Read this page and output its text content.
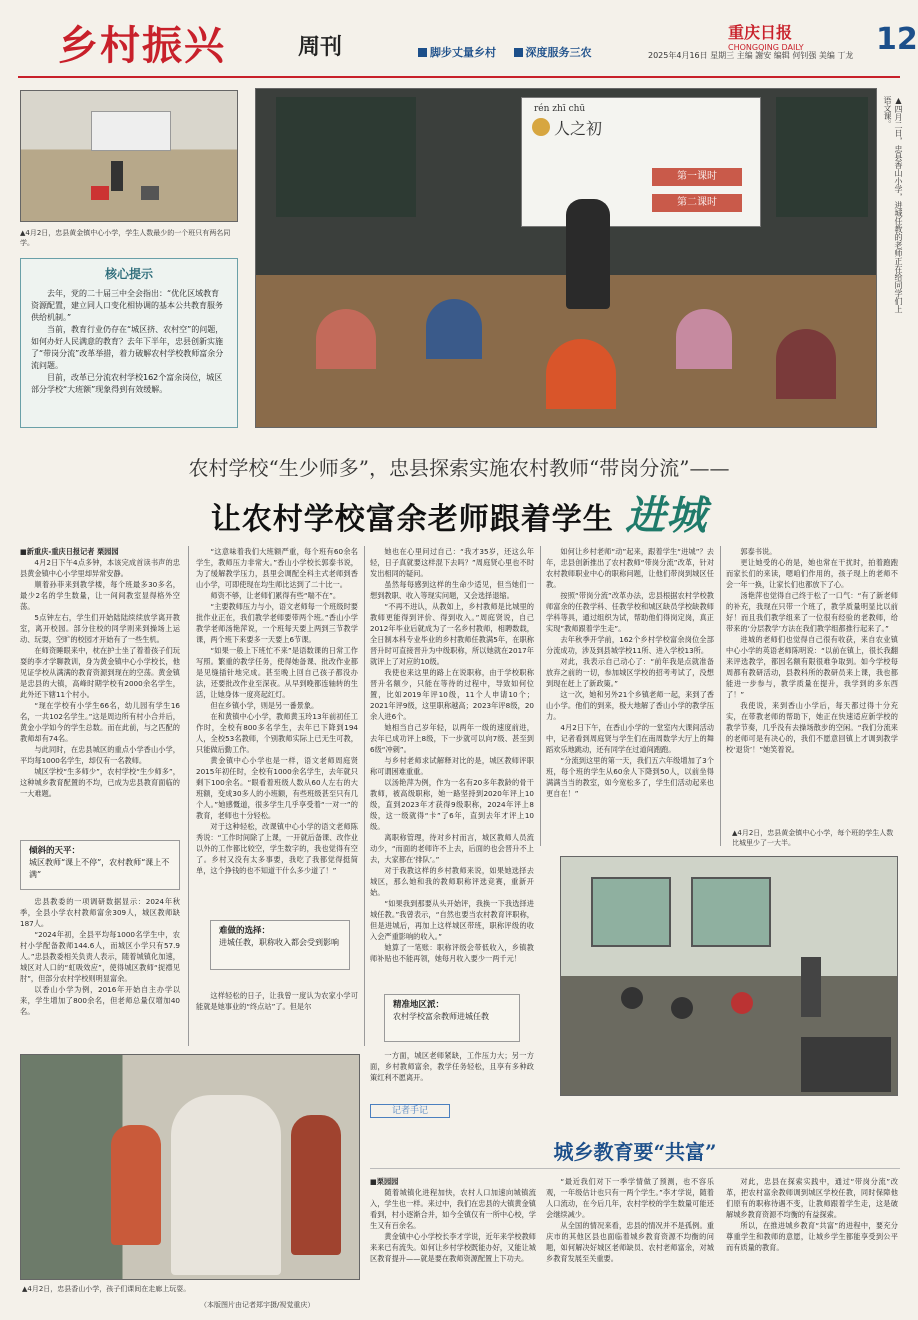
乡村振兴	周刊	脚步丈量乡村	深度服务三农
重庆日报
CHONGQING DAILY
2025年4月16日 星期三 主编 謝安 编辑 何钊强 美编 丁龙 12
▲4月2日，忠县黄金镇中心小学，学生人数最少的一个班只有两名同学。
核心提示

去年，党的二十届三中全会指出：“优化区域教育资源配置，建立同人口变化相协调的基本公共教育服务供给机制。”

当前，教育行业仍存在“城区挤、农村空”的问题，如何办好人民满意的教育？去年下半年，忠县创新实施了“带岗分流”改革举措，着力破解农村学校教师富余分流问题。

目前，改革已分流农村学校162个富余岗位，城区部分学校“大班额”现象得到有效缓解。

rén zhī chū
人之初
第一课时
第二课时	▲四月二日，忠县香山小学，进城任教的老师正在给同学们上语文课。
农村学校“生少师多”，忠县探索实施农村教师“带岗分流”——
让农村学校富余老师跟着学生 进城

■新重庆-重庆日报记者 栗园园

4月2日下午4点多钟，本该完成首读书声的忠县黄金镇中心小学里却异常安静。

顺着孙菲来到教学楼，每个班最多30多名，最少2名的学生数量，让一间间教室显得格外空荡。

5点钟左右，学生们开始陆陆续续放学离开教室，离开校园。部分住校的同学则来到操场上运动、玩耍，空旷的校园才开始有了一些生机。

在师资睡眼来中，枕在护士坐了着着孩子们玩耍的李才学聊教训，身为黄金镇中心小学校长，他见证学校从满满的教育资源到现在的空荡。黄金镇是忠县的大镇，高峰时期学校有2000余名学生，此外还下辖11个村小。

“现在学校有小学生66名，幼儿园有学生16名，一共102名学生。”这是周边所有村小合并后，黄金小学如今的学生总数。而在此前，与之匹配的教师却有74名。

与此同时，在忠县城区的重点小学香山小学，平均每1000名学生，却仅有一名教师。

城区学校“生多师少”，农村学校“生少师多”，这种城乡教育配置的不均，已成为忠县教育面临的一大难题。

倾斜的天平：
城区教师“课上不停”，农村教师“课上不满”

忠县教委的一项调研数据显示：2024年秋季，全县小学农村教师富余309人，城区教师缺187人。

“2024年初，全县平均每1000名学生中，农村小学配备教师144.6人，而城区小学只有57.9人。”忠县教委相关负责人表示，随着城镇化加速，城区对人口的“虹吸效应”，使得城区教师“捉襟见肘”，但部分农村学校则明显富余。

以香山小学为例，2016年开始自主办学以来，学生增加了800余名，但老师总量仅增加40名。

“这意味着我们大班额严重，每个班有60余名学生，教师压力非常大。”香山小学校长郭泰书说，为了缓解教学压力，县里会调配全科主式老师到香山小学，可即使现在均生师比达到了二十比一。

师资不够，让老师们累得有些“喘不在”。

“主要教师压力与小，语文老师每一个班级时要批作业正在，我们教学老师要带两个班。”香山小学教学老师汤艳萍说，一个班每天要上两到三节教学课，两个班下来要多一天要上6节课。

“如果一般上下班忙不来”是语数课的日常工作写照。繁重的教学任务，使得她备课、批改作业都是见缝插针地完成。甚至晚上回自己孩子都没办法，还要批改作业至深夜。从早到晚都连轴转的生活，让她身体一度亮起红灯。

但在乡镇小学，则是另一番景象。

在和黄镇中心小学，教师黄玉玲13年前初任工作时，全校有800多名学生，去年已下降到194人，全校53名教师，个别教师实际上已无生可教，只能做后勤工作。

黄金镇中心小学也是一样，语文老师周庭贤2015年初任时，全校有1000余名学生，去年就只剩下100余名。“眼看着班级人数从60人左右的大班额，变成30多人的小班额，有些班级甚至只有几个人。”她感慨道，很多学生几乎享受着“一对一”的教育，老师也十分轻松。

对于这种轻松，改课镇中心小学的语文老师陈秀说：“工作时间除了上课，一开就后备课、改作业以外的工作都比较空，学生数字的，我也觉得有空了。乡村又没有太多事要，我吃了我都觉得挺简单，这个挣钱的也不知道干什么多少道了！”

难做的选择：
进城任教，职称收入都会受到影响

这样轻松的日子，让我曾一度认为农家小学可能就是她事业的“终点站”了。但是尔

她也在心里问过自己：“我才35岁，还这么年轻，日子真就要这样混下去吗？”周庭贤心里也不时发出相同的疑问。

虽然每每感到这样的生命少适见，但当她们一想到教职、收入等现实问题，又会选择退缩。

“不再不进认，从教如上，乡村教师是比城里的教师更能得到评价、得到收入。”周庭贤说，自己2012年毕业后就成为了一名乡村教师，相聘数载，全日制本科专业毕业的乡村教师任教满5年，在职称晋升时可直接晋升为中级职称，所以她就在2017年就评上了对应的10级。

我使也来这里的路上在说职称，由于学校职称晋升名额少，只能在等待的过程中，导致如何位置，比如2019年评10级，11个人申请10个；2021年评9级，这里职称越高；2023年评8级，20余人进6个。

她相当自己岁年轻，以两年一级的速度前进，去年已成功评上8级，下一步就可以向7级、甚至到6级“冲刺”。

与乡村老师求试解释对比的是，城区教师评职称可谓困难重重。

以汤艳萍为例，作为一名有20多年教龄的骨干教师，被高级职称，她一路坚持到2020年评上10级，直到2023年才获得9级职称，2024年评上8级，这一级就得“卡”了6年，直到去年才评上10级。

离职称管理，待对乡村而言，城区教师人员流动少，“而面的老师许不上去，后面的也会晋升不上去，大家都在‘排队’。”

对于我教这样的乡村教师来说，如果她选择去城区，那么她和我的教师职称评选竞赛，重新开始。

“如果我到那要从头开始评，我换一下我选择进城任教。”我曾表示，“自然也要当农村教育评职称，但是进城后，再加上这样城区带班，职称评级的收入会严重影响的收入。”

她算了一笔账：职称评级会带低收入，乡镇教师补贴也不能再领，她每月收入要少一两千元！

精准地区派：
农村学校富余教师进城任教

一方面，城区老师紧缺，工作压力大；另一方面，乡村教师富余，教学任务轻松，且享有多种政策红利不愿离开。

如何让乡村老师“动”起来，跟着学生“进城”？去年，忠县创新推出了农村教师“带岗分流”改革，针对农村教师职业中心的职称问题，让他们带岗到城区任教。

按照“带岗分流”改革办法，忠县根据农村学校教师富余的任教学科、任教学校和城区缺员学校缺教师学科等具，通过组织为试，帮助他们得岗定岗，真正实现”教师跟着学生走”。

去年秋季开学前，162个乡村学校富余岗位全部分流成功，涉及到县城学校11所、进入学校13所。

对此，我表示自己动心了：“前年我是点就准备放弃之前的一切，参加城区学校的招考考试了，没想到现在赶上了新政策。”

这一次，她和另外21个乡镇老师一起，来到了香山小学。他们的到来，极大地解了香山小学的教学压力。

4月2日下午，在香山小学的一堂室内大课间活动中，记者看到周庭贤与学生们在南周数学大厅上的舞蹈欢乐地跳动，还有同学在过道间跑跑。

“分流到这里的第一天，我们五六年级增加了3个班，每个班的学生从60余人下降到50人，以前坐得满满当当的教室，如今宽松多了，学生们活动起来也更自在！”

郭泰书说。

更让她受的心的是，她也常在干扰时，拍着跑跑而家长们的来读，嗯咱们作用的，孩子现上的老师不会一年一换，让家长们也都放下了心。

汤艳萍也觉得自己终于松了一口气：“有了新老师的补充，我现在只带一个班了，教学质量明显比以前好！而且我们教学组来了一位很有经验的老教师，给带来的‘分层教学’方法在我们教学组都推行起来了。”

进城的老师们也觉得自己很有收获，来自农业镇中心小学的英语老师陈明说：“以前在镇上，很长我翻来评选教学，都因名额有限很难争取到。如今学校每周都有教研活动，县教科所的教研员来上课，我也都能进一步参与，教学质量在提升，我学到的多东西了！”

我使说，来到香山小学后，每天都过得十分充实，在带教老师的帮助下，她正在快速适应新学校的教学节奏，几乎没有去操场散步的空闲。“我们分流来的老师可是有决心的，我们不愿意回镇上才调到教学校‘退货’！”她笑着说。

▲4月2日，忠县黄金镇中心小学，每个班的学生人数比城里少了一大半。
▲4月2日，忠县香山小学，孩子们课间在走廊上玩耍。
（本版图片由记者郑宇摄/视觉重庆）
记者手记
城乡教育要“共富”

■栗园园

随着城镇化进程加快，农村人口加速向城镇流入，学生也一样。来过中，我们在忠县的大镇黄金镇看到，村小逐渐合并，如今全镇仅有一所中心校，学生又有百余名。

黄金镇中心小学校长李才学说，近年来学校教师来来已有流失。如何让乡村学校既能办好，又能让城区教育提升——就是要在教师资源配置上下功夫。

“最近我们对下一季学情做了预测，也不容乐观，一年级估计也只有一两个学生。”李才学说，随着人口流动，在今后几年，农村学校的学生数量可能还会继续减少。

从全国的情况来看，忠县的情况并不是孤例。重庆市的其他区县也面临着城乡教育资源不均衡的问题，如何解决好城区老师缺员、农村老师富余，对城乡教育发展至关重要。

对此，忠县在探索实践中，通过“带岗分流”改革，把农村富余教师调到城区学校任教，同时保障他们原有的职称待遇不变，让教师跟着学生走，这是破解城乡教育资源不均衡的有益探索。

所以，在推进城乡教育“共富”的进程中，要充分尊重学生和教师的意愿，让城乡学生都能享受到公平而有质量的教育。
